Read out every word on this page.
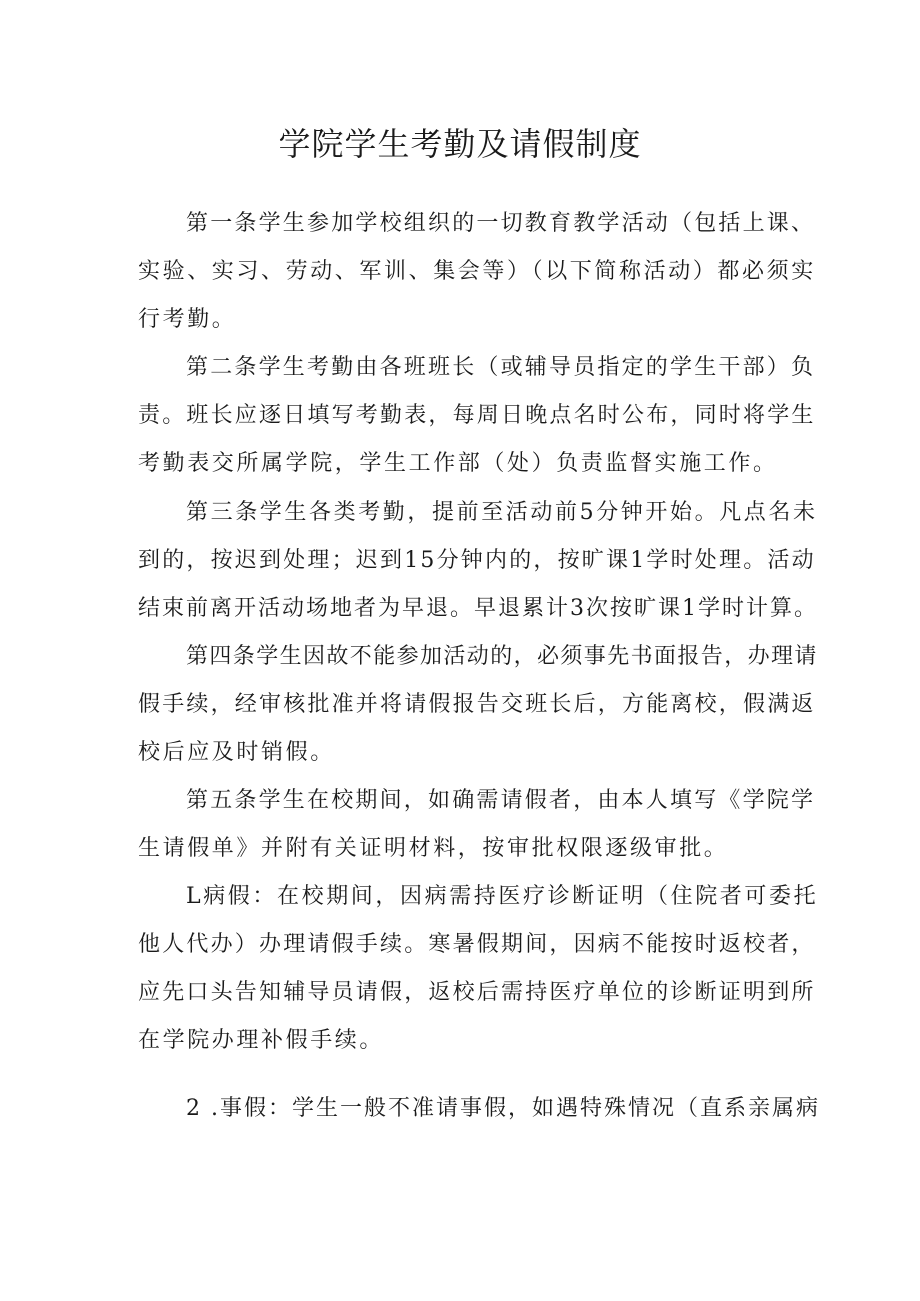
学院学生考勤及请假制度

第一条学生参加学校组织的一切教育教学活动（包括上课、

实验、实习、劳动、军训、集会等）（以下简称活动）都必须实

行考勤。

第二条学生考勤由各班班长（或辅导员指定的学生干部）负

责。班长应逐日填写考勤表，每周日晚点名时公布，同时将学生

考勤表交所属学院，学生工作部（处）负责监督实施工作。

第三条学生各类考勤，提前至活动前5分钟开始。凡点名未

到的，按迟到处理；迟到15分钟内的，按旷课1学时处理。活动

结束前离开活动场地者为早退。早退累计3次按旷课1学时计算。

第四条学生因故不能参加活动的，必须事先书面报告，办理请

假手续，经审核批准并将请假报告交班长后，方能离校，假满返

校后应及时销假。

第五条学生在校期间，如确需请假者，由本人填写《学院学

生请假单》并附有关证明材料，按审批权限逐级审批。

L病假：在校期间，因病需持医疗诊断证明（住院者可委托

他人代办）办理请假手续。寒暑假期间，因病不能按时返校者，

应先口头告知辅导员请假，返校后需持医疗单位的诊断证明到所

在学院办理补假手续。

2 .事假：学生一般不准请事假，如遇特殊情况（直系亲属病
